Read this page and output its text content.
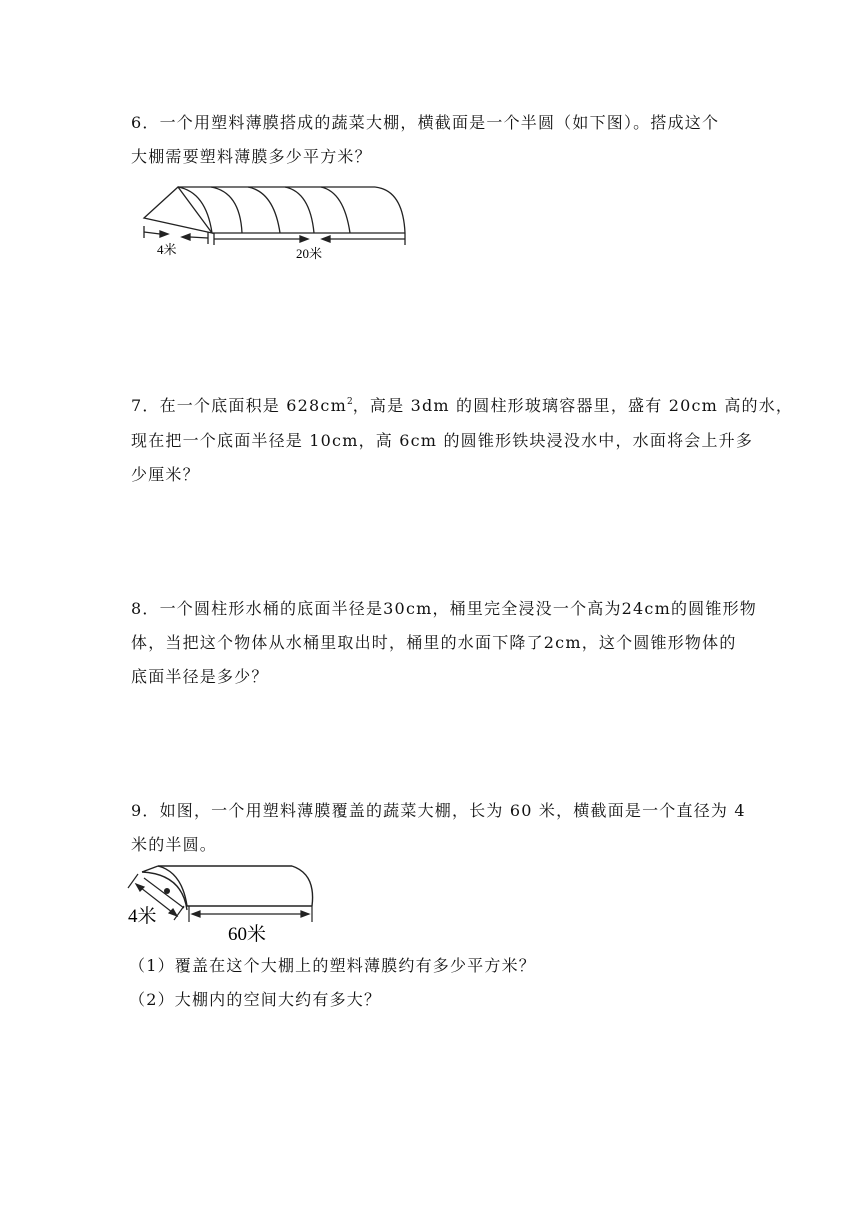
6．一个用塑料薄膜搭成的蔬菜大棚，横截面是一个半圆（如下图）。搭成这个
大棚需要塑料薄膜多少平方米？
4米	20米
7．在一个底面积是 $628cm^2$，高是 3dm 的圆柱形玻璃容器里，盛有 20cm 高的水，
现在把一个底面半径是 10cm，高 6cm 的圆锥形铁块浸没水中，水面将会上升多
少厘米？
8．一个圆柱形水桶的底面半径是30cm，桶里完全浸没一个高为24cm的圆锥形物
体，当把这个物体从水桶里取出时，桶里的水面下降了2cm，这个圆锥形物体的
底面半径是多少？
9．如图，一个用塑料薄膜覆盖的蔬菜大棚，长为 60 米，横截面是一个直径为 4
米的半圆。
4米
60米
（1）覆盖在这个大棚上的塑料薄膜约有多少平方米？
（2）大棚内的空间大约有多大？
